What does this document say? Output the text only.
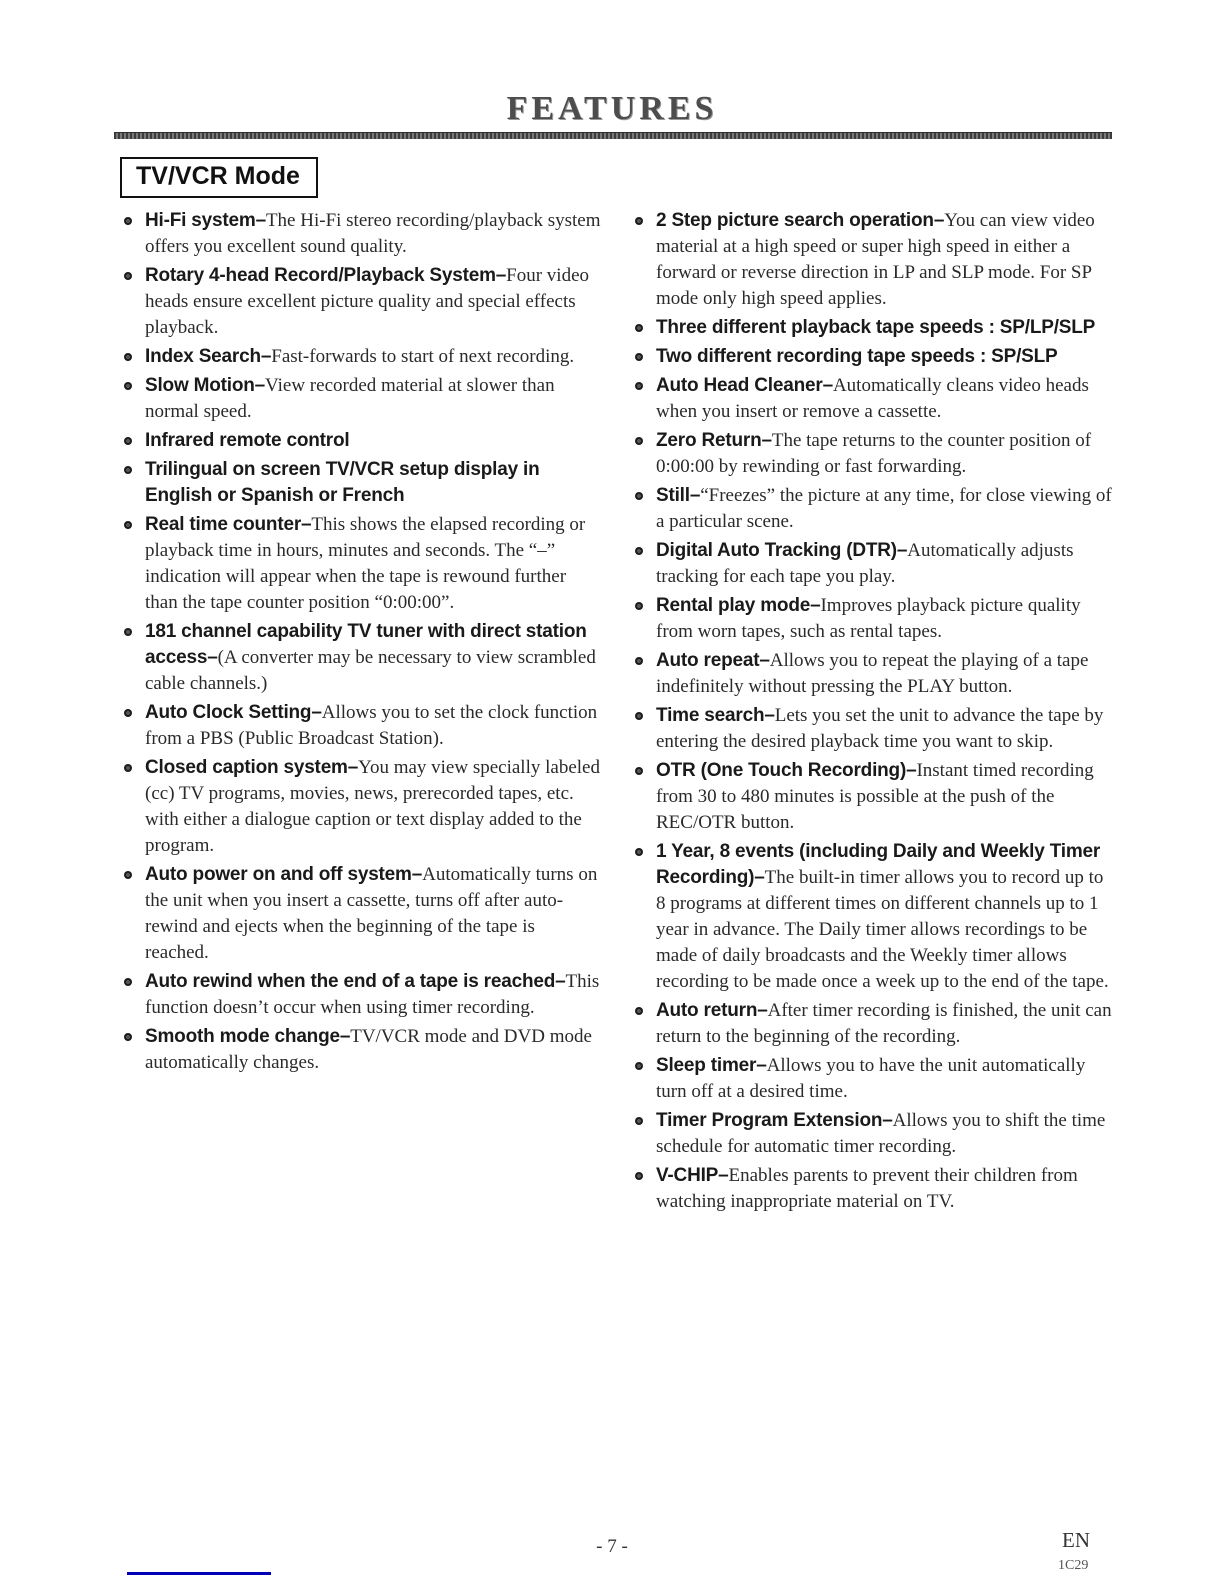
FEATURES
TV/VCR Mode
Hi-Fi system–The Hi-Fi stereo recording/playback system offers you excellent sound quality.
Rotary 4-head Record/Playback System–Four video heads ensure excellent picture quality and special effects playback.
Index Search–Fast-forwards to start of next recording.
Slow Motion–View recorded material at slower than normal speed.
Infrared remote control
Trilingual on screen TV/VCR setup display in English or Spanish or French
Real time counter–This shows the elapsed recording or playback time in hours, minutes and seconds. The “–” indication will appear when the tape is rewound further than the tape counter position “0:00:00”.
181 channel capability TV tuner with direct station access–(A converter may be necessary to view scrambled cable channels.)
Auto Clock Setting–Allows you to set the clock function from a PBS (Public Broadcast Station).
Closed caption system–You may view specially labeled (cc) TV programs, movies, news, prerecorded tapes, etc. with either a dialogue caption or text display added to the program.
Auto power on and off system–Automatically turns on the unit when you insert a cassette, turns off after auto-rewind and ejects when the beginning of the tape is reached.
Auto rewind when the end of a tape is reached–This function doesn’t occur when using timer recording.
Smooth mode change–TV/VCR mode and DVD mode automatically changes.
2 Step picture search operation–You can view video material at a high speed or super high speed in either a forward or reverse direction in LP and SLP mode. For SP mode only high speed applies.
Three different playback tape speeds : SP/LP/SLP
Two different recording tape speeds : SP/SLP
Auto Head Cleaner–Automatically cleans video heads when you insert or remove a cassette.
Zero Return–The tape returns to the counter position of 0:00:00 by rewinding or fast forwarding.
Still–“Freezes” the picture at any time, for close viewing of a particular scene.
Digital Auto Tracking (DTR)–Automatically adjusts tracking for each tape you play.
Rental play mode–Improves playback picture quality from worn tapes, such as rental tapes.
Auto repeat–Allows you to repeat the playing of a tape indefinitely without pressing the PLAY button.
Time search–Lets you set the unit to advance the tape by entering the desired playback time you want to skip.
OTR (One Touch Recording)–Instant timed recording from 30 to 480 minutes is possible at the push of the REC/OTR button.
1 Year, 8 events (including Daily and Weekly Timer Recording)–The built-in timer allows you to record up to 8 programs at different times on different channels up to 1 year in advance. The Daily timer allows recordings to be made of daily broadcasts and the Weekly timer allows recording to be made once a week up to the end of the tape.
Auto return–After timer recording is finished, the unit can return to the beginning of the recording.
Sleep timer–Allows you to have the unit automatically turn off at a desired time.
Timer Program Extension–Allows you to shift the time schedule for automatic timer recording.
V-CHIP–Enables parents to prevent their children from watching inappropriate material on TV.
- 7 -	EN
1C29
